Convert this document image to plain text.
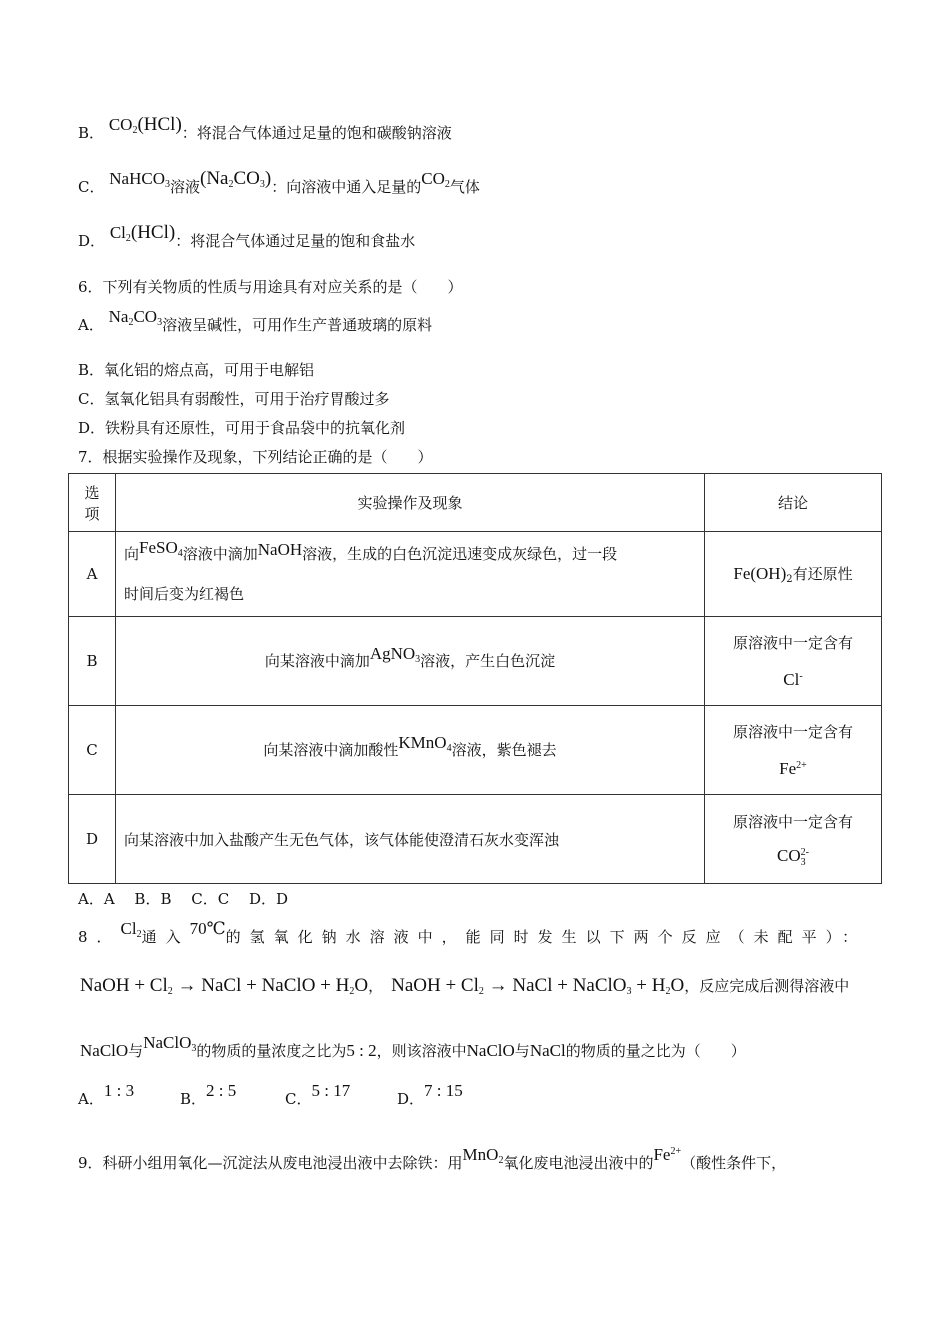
B． $CO_2(HCl)$：将混合气体通过足量的饱和碳酸钠溶液
C． NaHCO$_3$溶液$(Na_2CO_3)$：向溶液中通入足量的$CO_2$气体
D． $Cl_2(HCl)$：将混合气体通过足量的饱和食盐水
6．下列有关物质的性质与用途具有对应关系的是（　　）
A． $Na_2CO_3$溶液呈碱性，可用作生产普通玻璃的原料
B．氧化铝的熔点高，可用于电解铝
C．氢氧化铝具有弱酸性，可用于治疗胃酸过多
D．铁粉具有还原性，可用于食品袋中的抗氧化剂
7．根据实验操作及现象，下列结论正确的是（　　）
选
项	实验操作及现象	结论
A	向FeSO$_4$溶液中滴加NaOH溶液，生成的白色沉淀迅速变成灰绿色，过一段
时间后变为红褐色	$Fe(OH)_2$有还原性
B	向某溶液中滴加AgNO$_3$溶液，产生白色沉淀	原溶液中一定含有
Cl-

C	向某溶液中滴加酸性KMnO$_4$溶液，紫色褪去	原溶液中一定含有
$Fe^{2+}$

D	向某溶液中加入盐酸产生无色气体，该气体能使澄清石灰水变浑浊	原溶液中一定含有
CO 2-
3
A．A　 B．B　 C．C　 D．D
8．$Cl_2$通入70℃的氢氧化钠水溶液中，能同时发生以下两个反应（未配平）：
NaOH + $Cl_2$ → NaCl + NaClO + $H_2O$， NaOH + $Cl_2$ → NaCl + NaClO$_3$ + $H_2O$，反应完成后测得溶液中
NaClO与NaClO$_3$的物质的量浓度之比为5 : 2，则该溶液中NaClO与NaCl的物质的量之比为（　　）
A．1 : 3	B．2 : 5	C．5 : 17	D．7 : 15
9．科研小组用氧化—沉淀法从废电池浸出液中去除铁：用MnO$_2$氧化废电池浸出液中的$Fe^{2+}$（酸性条件下，
